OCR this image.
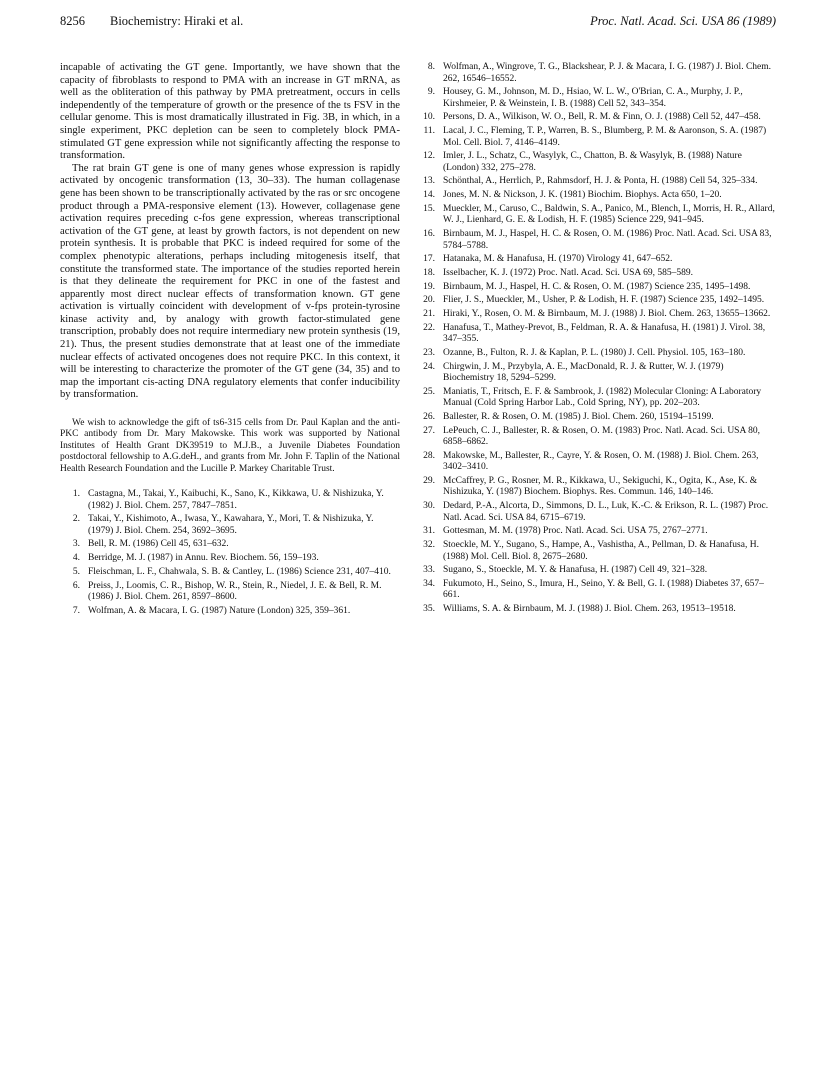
8256 Biochemistry: Hiraki et al.	Proc. Natl. Acad. Sci. USA 86 (1989)

incapable of activating the GT gene. Importantly, we have shown that the capacity of fibroblasts to respond to PMA with an increase in GT mRNA, as well as the obliteration of this pathway by PMA pretreatment, occurs in cells independently of the temperature of growth or the presence of the ts FSV in the cellular genome. This is most dramatically illustrated in Fig. 3B, in which, in a single experiment, PKC depletion can be seen to completely block PMA-stimulated GT gene expression while not significantly affecting the response to transformation.

The rat brain GT gene is one of many genes whose expression is rapidly activated by oncogenic transformation (13, 30–33). The human collagenase gene has been shown to be transcriptionally activated by the ras or src oncogene product through a PMA-responsive element (13). However, collagenase gene activation requires preceding c-fos gene expression, whereas transcriptional activation of the GT gene, at least by growth factors, is not dependent on new protein synthesis. It is probable that PKC is indeed required for some of the complex phenotypic alterations, perhaps including mitogenesis itself, that constitute the transformed state. The importance of the studies reported herein is that they delineate the requirement for PKC in one of the fastest and apparently most direct nuclear effects of transformation known. GT gene activation is virtually coincident with development of v-fps protein-tyrosine kinase activity and, by analogy with growth factor-stimulated gene transcription, probably does not require intermediary new protein synthesis (19, 21). Thus, the present studies demonstrate that at least one of the immediate nuclear effects of activated oncogenes does not require PKC. In this context, it will be interesting to characterize the promoter of the GT gene (34, 35) and to map the important cis-acting DNA regulatory elements that confer inducibility by transformation.

We wish to acknowledge the gift of ts6-315 cells from Dr. Paul Kaplan and the anti-PKC antibody from Dr. Mary Makowske. This work was supported by National Institutes of Health Grant DK39519 to M.J.B., a Juvenile Diabetes Foundation postdoctoral fellowship to A.G.deH., and grants from Mr. John F. Taplin of the National Health Research Foundation and the Lucille P. Markey Charitable Trust.

1. Castagna, M., Takai, Y., Kaibuchi, K., Sano, K., Kikkawa, U. & Nishizuka, Y. (1982) J. Biol. Chem. 257, 7847–7851.
2. Takai, Y., Kishimoto, A., Iwasa, Y., Kawahara, Y., Mori, T. & Nishizuka, Y. (1979) J. Biol. Chem. 254, 3692–3695.
3. Bell, R. M. (1986) Cell 45, 631–632.
4. Berridge, M. J. (1987) in Annu. Rev. Biochem. 56, 159–193.
5. Fleischman, L. F., Chahwala, S. B. & Cantley, L. (1986) Science 231, 407–410.
6. Preiss, J., Loomis, C. R., Bishop, W. R., Stein, R., Niedel, J. E. & Bell, R. M. (1986) J. Biol. Chem. 261, 8597–8600.
7. Wolfman, A. & Macara, I. G. (1987) Nature (London) 325, 359–361.
8. Wolfman, A., Wingrove, T. G., Blackshear, P. J. & Macara, I. G. (1987) J. Biol. Chem. 262, 16546–16552.
9. Housey, G. M., Johnson, M. D., Hsiao, W. L. W., O'Brian, C. A., Murphy, J. P., Kirshmeier, P. & Weinstein, I. B. (1988) Cell 52, 343–354.
10. Persons, D. A., Wilkison, W. O., Bell, R. M. & Finn, O. J. (1988) Cell 52, 447–458.
11. Lacal, J. C., Fleming, T. P., Warren, B. S., Blumberg, P. M. & Aaronson, S. A. (1987) Mol. Cell. Biol. 7, 4146–4149.
12. Imler, J. L., Schatz, C., Wasylyk, C., Chatton, B. & Wasylyk, B. (1988) Nature (London) 332, 275–278.
13. Schönthal, A., Herrlich, P., Rahmsdorf, H. J. & Ponta, H. (1988) Cell 54, 325–334.
14. Jones, M. N. & Nickson, J. K. (1981) Biochim. Biophys. Acta 650, 1–20.
15. Mueckler, M., Caruso, C., Baldwin, S. A., Panico, M., Blench, I., Morris, H. R., Allard, W. J., Lienhard, G. E. & Lodish, H. F. (1985) Science 229, 941–945.
16. Birnbaum, M. J., Haspel, H. C. & Rosen, O. M. (1986) Proc. Natl. Acad. Sci. USA 83, 5784–5788.
17. Hatanaka, M. & Hanafusa, H. (1970) Virology 41, 647–652.
18. Isselbacher, K. J. (1972) Proc. Natl. Acad. Sci. USA 69, 585–589.
19. Birnbaum, M. J., Haspel, H. C. & Rosen, O. M. (1987) Science 235, 1495–1498.
20. Flier, J. S., Mueckler, M., Usher, P. & Lodish, H. F. (1987) Science 235, 1492–1495.
21. Hiraki, Y., Rosen, O. M. & Birnbaum, M. J. (1988) J. Biol. Chem. 263, 13655–13662.
22. Hanafusa, T., Mathey-Prevot, B., Feldman, R. A. & Hanafusa, H. (1981) J. Virol. 38, 347–355.
23. Ozanne, B., Fulton, R. J. & Kaplan, P. L. (1980) J. Cell. Physiol. 105, 163–180.
24. Chirgwin, J. M., Przybyla, A. E., MacDonald, R. J. & Rutter, W. J. (1979) Biochemistry 18, 5294–5299.
25. Maniatis, T., Fritsch, E. F. & Sambrook, J. (1982) Molecular Cloning: A Laboratory Manual (Cold Spring Harbor Lab., Cold Spring, NY), pp. 202–203.
26. Ballester, R. & Rosen, O. M. (1985) J. Biol. Chem. 260, 15194–15199.
27. LePeuch, C. J., Ballester, R. & Rosen, O. M. (1983) Proc. Natl. Acad. Sci. USA 80, 6858–6862.
28. Makowske, M., Ballester, R., Cayre, Y. & Rosen, O. M. (1988) J. Biol. Chem. 263, 3402–3410.
29. McCaffrey, P. G., Rosner, M. R., Kikkawa, U., Sekiguchi, K., Ogita, K., Ase, K. & Nishizuka, Y. (1987) Biochem. Biophys. Res. Commun. 146, 140–146.
30. Dedard, P.-A., Alcorta, D., Simmons, D. L., Luk, K.-C. & Erikson, R. L. (1987) Proc. Natl. Acad. Sci. USA 84, 6715–6719.
31. Gottesman, M. M. (1978) Proc. Natl. Acad. Sci. USA 75, 2767–2771.
32. Stoeckle, M. Y., Sugano, S., Hampe, A., Vashistha, A., Pellman, D. & Hanafusa, H. (1988) Mol. Cell. Biol. 8, 2675–2680.
33. Sugano, S., Stoeckle, M. Y. & Hanafusa, H. (1987) Cell 49, 321–328.
34. Fukumoto, H., Seino, S., Imura, H., Seino, Y. & Bell, G. I. (1988) Diabetes 37, 657–661.
35. Williams, S. A. & Birnbaum, M. J. (1988) J. Biol. Chem. 263, 19513–19518.
